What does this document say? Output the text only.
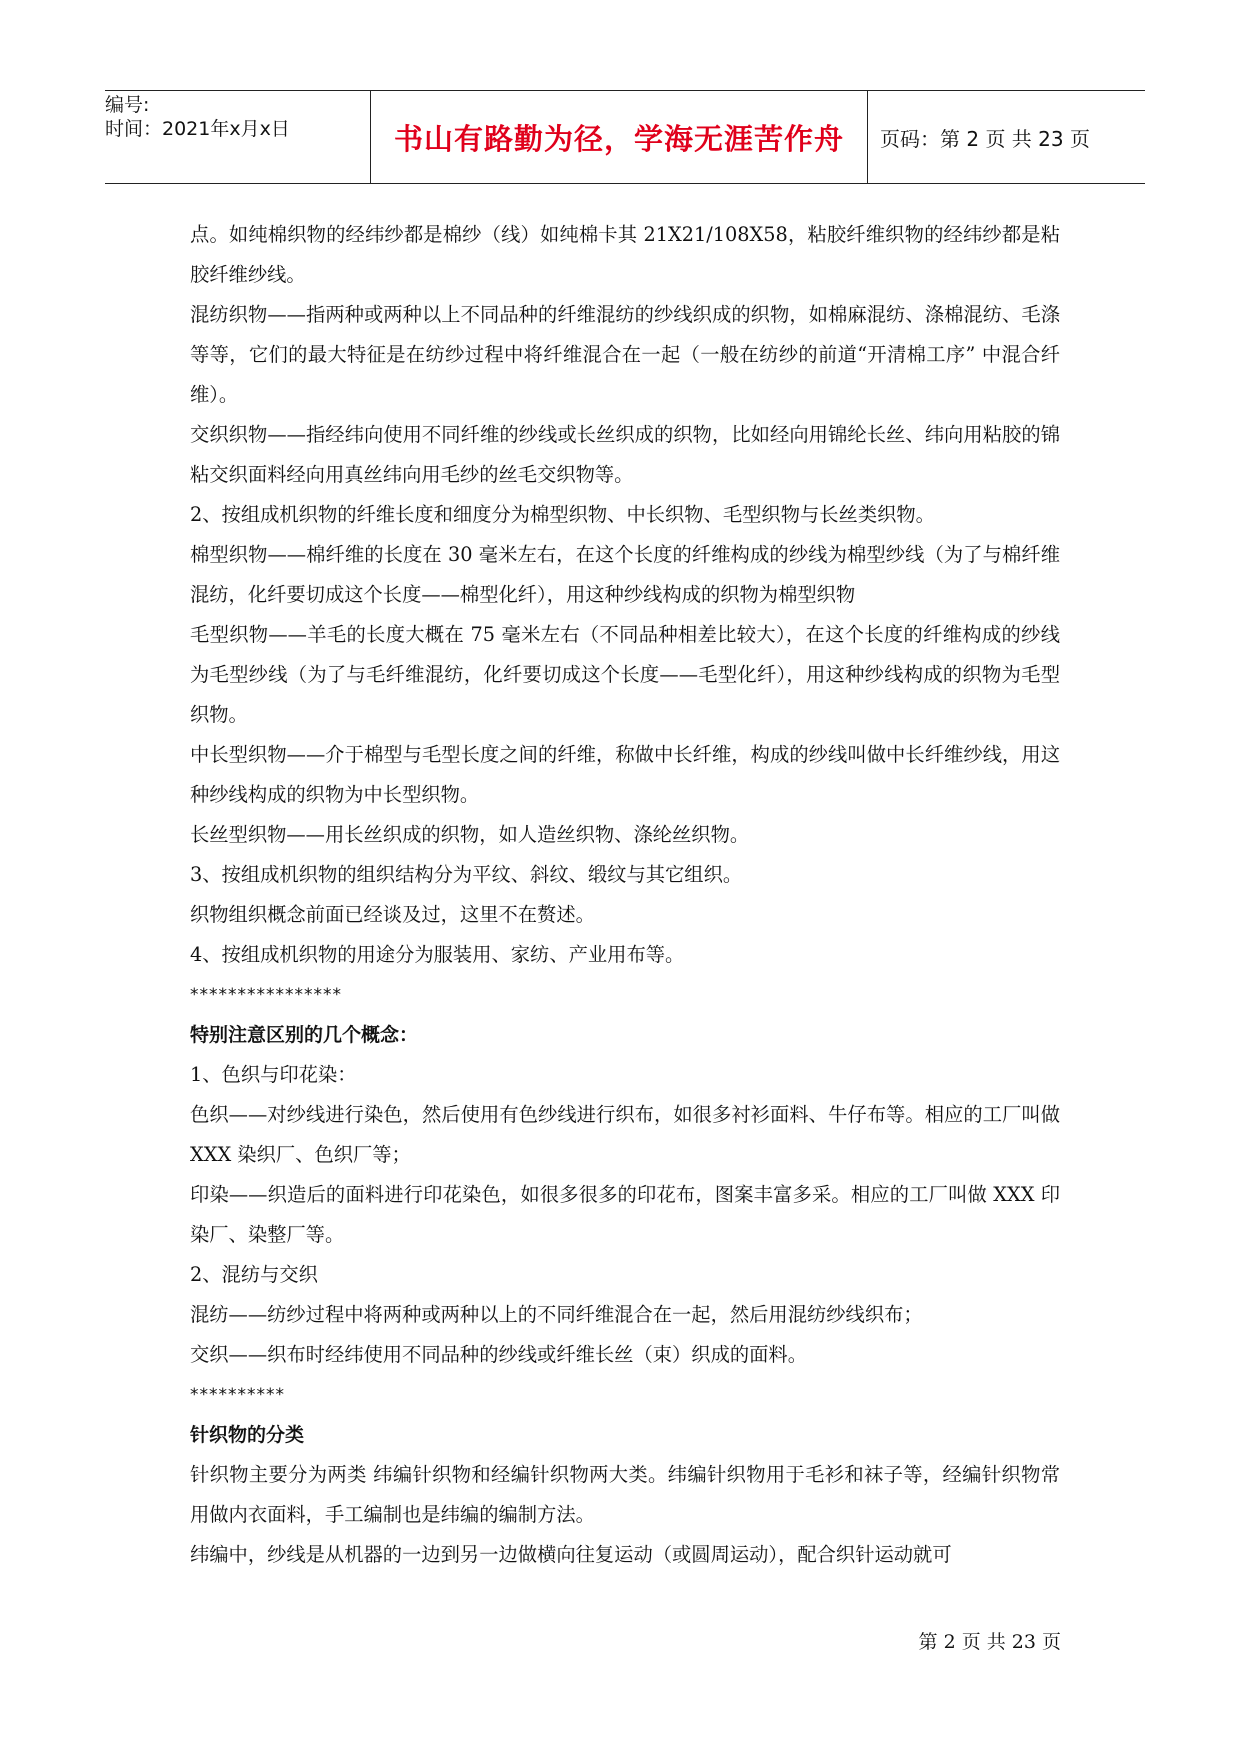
编号:
时间：2021年x月x日	书山有路勤为径，学海无涯苦作舟 页码：第 2 页 共 23 页

点。如纯棉织物的经纬纱都是棉纱（线）如纯棉卡其 21X21/108X58，粘胶纤维织物的经纬纱都是粘胶纤维纱线。

混纺织物——指两种或两种以上不同品种的纤维混纺的纱线织成的织物，如棉麻混纺、涤棉混纺、毛涤等等，它们的最大特征是在纺纱过程中将纤维混合在一起（一般在纺纱的前道“开清棉工序” 中混合纤维）。

交织织物——指经纬向使用不同纤维的纱线或长丝织成的织物，比如经向用锦纶长丝、纬向用粘胶的锦粘交织面料经向用真丝纬向用毛纱的丝毛交织物等。

2、按组成机织物的纤维长度和细度分为棉型织物、中长织物、毛型织物与长丝类织物。

棉型织物——棉纤维的长度在 30 毫米左右，在这个长度的纤维构成的纱线为棉型纱线（为了与棉纤维混纺，化纤要切成这个长度——棉型化纤），用这种纱线构成的织物为棉型织物

毛型织物——羊毛的长度大概在 75 毫米左右（不同品种相差比较大），在这个长度的纤维构成的纱线为毛型纱线（为了与毛纤维混纺，化纤要切成这个长度——毛型化纤），用这种纱线构成的织物为毛型织物。

中长型织物——介于棉型与毛型长度之间的纤维，称做中长纤维，构成的纱线叫做中长纤维纱线，用这种纱线构成的织物为中长型织物。

长丝型织物——用长丝织成的织物，如人造丝织物、涤纶丝织物。

3、按组成机织物的组织结构分为平纹、斜纹、缎纹与其它组织。

织物组织概念前面已经谈及过，这里不在赘述。

4、按组成机织物的用途分为服装用、家纺、产业用布等。

****************

特别注意区别的几个概念：

1、色织与印花染：

色织——对纱线进行染色，然后使用有色纱线进行织布，如很多衬衫面料、牛仔布等。相应的工厂叫做 XXX 染织厂、色织厂等；

印染——织造后的面料进行印花染色，如很多很多的印花布，图案丰富多采。相应的工厂叫做 XXX 印染厂、染整厂等。

2、混纺与交织

混纺——纺纱过程中将两种或两种以上的不同纤维混合在一起，然后用混纺纱线织布；

交织——织布时经纬使用不同品种的纱线或纤维长丝（束）织成的面料。

**********

针织物的分类

针织物主要分为两类 纬编针织物和经编针织物两大类。纬编针织物用于毛衫和袜子等，经编针织物常用做内衣面料，手工编制也是纬编的编制方法。

纬编中，纱线是从机器的一边到另一边做横向往复运动（或圆周运动），配合织针运动就可

第 2 页 共 23 页
